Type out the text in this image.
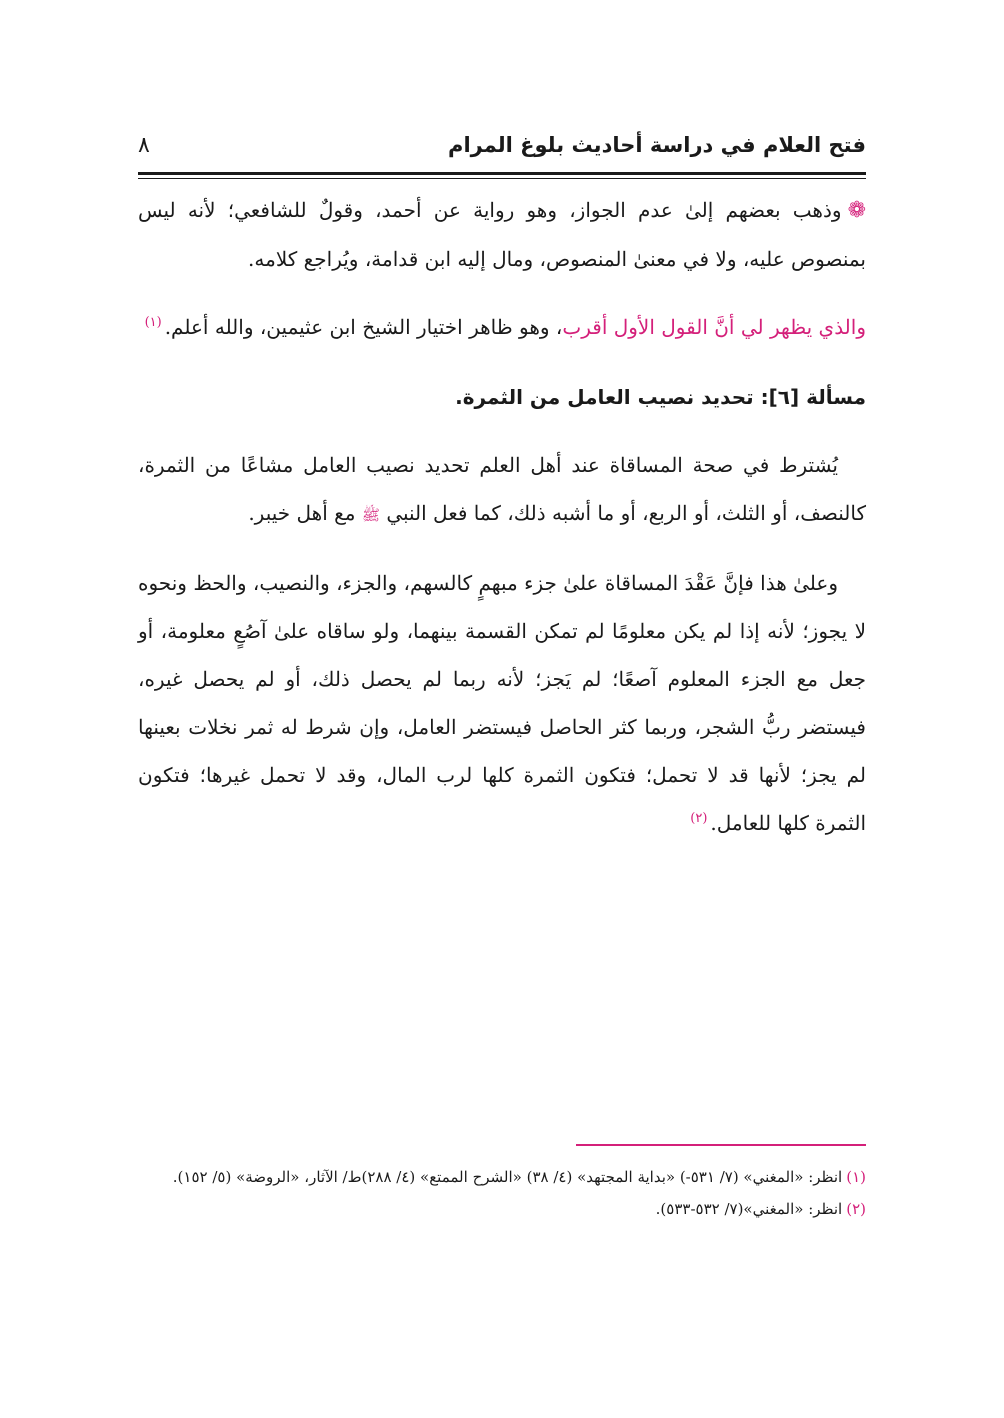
فتح العلام في دراسة أحاديث بلوغ المرام
٨

❁وذهب بعضهم إلىٰ عدم الجواز، وهو رواية عن أحمد، وقولٌ للشافعي؛ لأنه ليس بمنصوص عليه، ولا في معنىٰ المنصوص، ومال إليه ابن قدامة، ويُراجع كلامه.

والذي يظهر لي أنَّ القول الأول أقرب، وهو ظاهر اختيار الشيخ ابن عثيمين، والله أعلم.$^{(١)}$

مسألة [٦]: تحديد نصيب العامل من الثمرة.

يُشترط في صحة المساقاة عند أهل العلم تحديد نصيب العامل مشاعًا من الثمرة، كالنصف، أو الثلث، أو الربع، أو ما أشبه ذلك، كما فعل النبي ﷺ مع أهل خيبر.

وعلىٰ هذا فإنَّ عَقْدَ المساقاة علىٰ جزء مبهمٍ كالسهم، والجزء، والنصيب، والحظ ونحوه لا يجوز؛ لأنه إذا لم يكن معلومًا لم تمكن القسمة بينهما، ولو ساقاه علىٰ آصُعٍ معلومة، أو جعل مع الجزء المعلوم آصعًا؛ لم يَجز؛ لأنه ربما لم يحصل ذلك، أو لم يحصل غيره، فيستضر ربُّ الشجر، وربما كثر الحاصل فيستضر العامل، وإن شرط له ثمر نخلات بعينها لم يجز؛ لأنها قد لا تحمل؛ فتكون الثمرة كلها لرب المال، وقد لا تحمل غيرها؛ فتكون الثمرة كلها للعامل.$^{(٢)}$

(١)انظر: «المغني» (٧/ ٥٣١-) «بداية المجتهد» (٤/ ٣٨) «الشرح الممتع» (٤/ ٢٨٨)ط/ الآثار، «الروضة» (٥/ ١٥٢).

(٢)انظر: «المغني»(٧/ ٥٣٢-٥٣٣).
